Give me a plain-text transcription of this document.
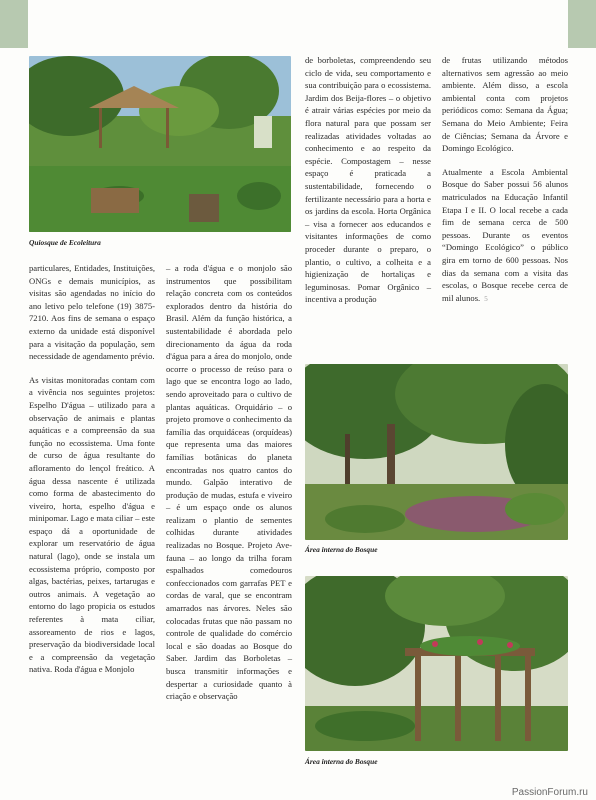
Quiosque de Ecoleitura

particulares, Entidades, Instituições, ONGs e demais municípios, as visitas são agendadas no início do ano letivo pelo telefone (19) 3875-7210. Aos fins de semana o espaço externo da unidade está disponível para a visitação da população, sem necessidade de agendamento prévio.

As visitas monitoradas contam com a vivência nos seguintes projetos: Espelho D'água – utilizado para a observação de animais e plantas aquáticas e a compreensão da sua função no ecossistema. Uma fonte de curso de água resultante do afloramento do lençol freático. A água dessa nascente é utilizada como forma de abastecimento do viveiro, horta, espelho d'água e minipomar. Lago e mata ciliar – este espaço dá a oportunidade de explorar um reservatório de água natural (lago), onde se instala um ecossistema próprio, composto por algas, bactérias, peixes, tartarugas e outros animais. A vegetação ao entorno do lago propicia os estudos referentes à mata ciliar, assoreamento de rios e lagos, preservação da biodiversidade local e a compreensão da vegetação nativa. Roda d'água e Monjolo

– a roda d'água e o monjolo são instrumentos que possibilitam relação concreta com os conteúdos explorados dentro da história do Brasil. Além da função histórica, a sustentabilidade é abordada pelo direcionamento da água da roda d'água para a área do monjolo, onde ocorre o processo de reúso para o lago que se encontra logo ao lado, sendo aproveitado para o cultivo de plantas aquáticas. Orquidário – o projeto promove o conhecimento da família das orquidáceas (orquídeas) que representa uma das maiores famílias botânicas do planeta encontradas nos quatro cantos do mundo. Galpão interativo de produção de mudas, estufa e viveiro – é um espaço onde os alunos realizam o plantio de sementes colhidas durante atividades realizadas no Bosque. Projeto Ave-fauna – ao longo da trilha foram espalhados comedouros confeccionados com garrafas PET e cordas de varal, que se encontram amarrados nas árvores. Neles são colocadas frutas que não passam no controle de qualidade do comércio local e são doadas ao Bosque do Saber. Jardim das Borboletas – busca transmitir informações e despertar a curiosidade quanto à criação e observação

de borboletas, compreendendo seu ciclo de vida, seu comportamento e sua contribuição para o ecossistema. Jardim dos Beija-flores – o objetivo é atrair várias espécies por meio da flora natural para que possam ser realizadas atividades voltadas ao conhecimento e ao respeito da espécie. Compostagem – nesse espaço é praticada a sustentabilidade, fornecendo o fertilizante necessário para a horta e os jardins da escola. Horta Orgânica – visa a fornecer aos educandos e visitantes informações de como proceder durante o preparo, o plantio, o cultivo, a colheita e a higienização de hortaliças e leguminosas. Pomar Orgânico – incentiva a produção

de frutas utilizando métodos alternativos sem agressão ao meio ambiente. Além disso, a escola ambiental conta com projetos periódicos como: Semana da Água; Semana do Meio Ambiente; Feira de Ciências; Semana da Árvore e Domingo Ecológico.

Atualmente a Escola Ambiental Bosque do Saber possui 56 alunos matriculados na Educação Infantil Etapa I e II. O local recebe a cada fim de semana cerca de 500 pessoas. Durante os eventos “Domingo Ecológico” o público gira em torno de 600 pessoas. Nos dias da semana com a visita das escolas, o Bosque recebe cerca de mil alunos. 5

Área interna do Bosque
Área interna do Bosque
PassionForum.ru
